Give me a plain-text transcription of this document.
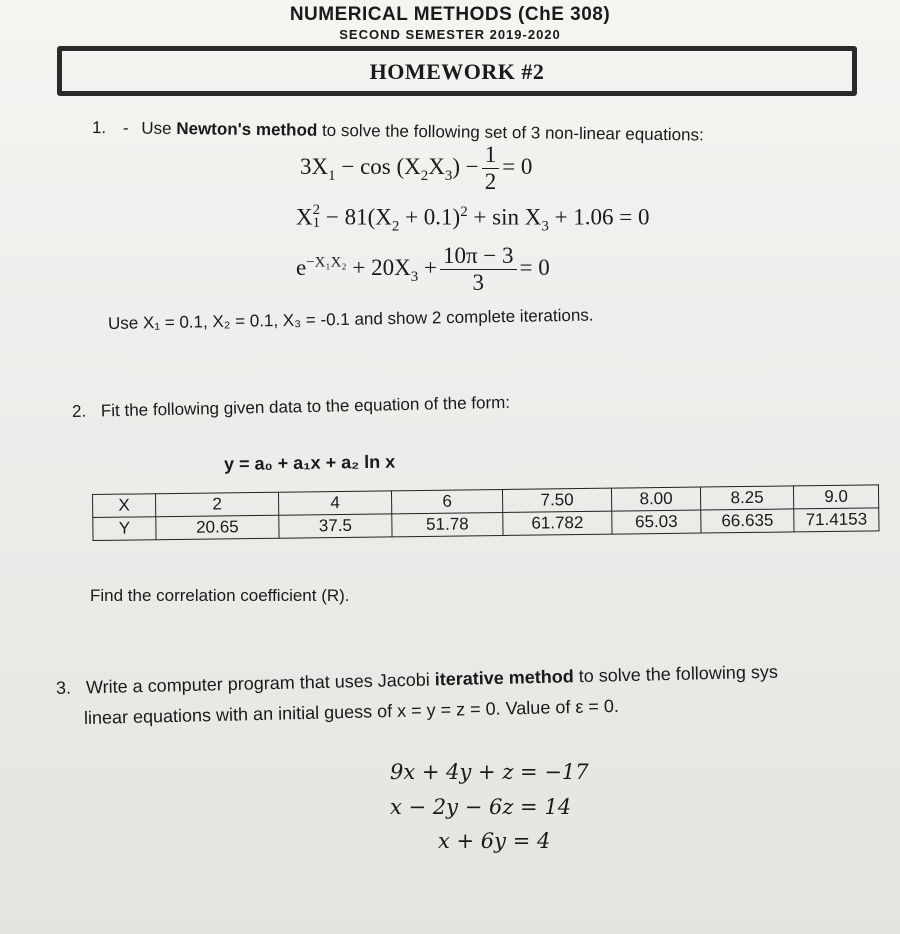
NUMERICAL METHODS (ChE 308)
SECOND SEMESTER 2019-2020
HOMEWORK #2
1. - Use Newton's method to solve the following set of 3 non-linear equations:
$3X_1 - \cos (X_2X_3) - \frac{1}{2} = 0$
X 2
$1 - 81(X_2 + 0.1)^2 + \sin X_3 + 1.06 = 0$
$e^{-X_1X_2} + 20X_3 + \frac{10\pi - 3}{3} = 0$
Use X₁ = 0.1, X₂ = 0.1, X₃ = -0.1 and show 2 complete iterations.
2. Fit the following given data to the equation of the form:
y = a₀ + a₁x + a₂ ln x
X	2	4	6	7.50	8.00	8.25	9.0
Y	20.65	37.5	51.78	61.782	65.03	66.635	71.4153
Find the correlation coefficient (R).
3. Write a computer program that uses Jacobi iterative method to solve the following sys
linear equations with an initial guess of x = y = z = 0. Value of ε = 0.
9x + 4y + z = −17
x − 2y − 6z = 14
x + 6y = 4
